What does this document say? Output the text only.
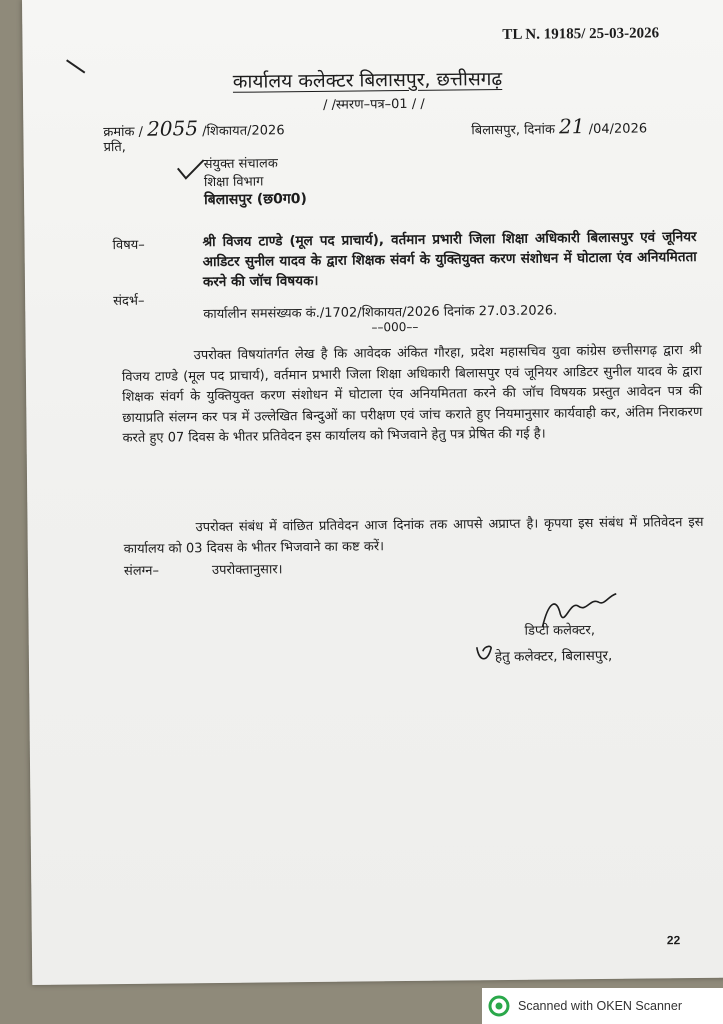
TL N. 19185/ 25-03-2026
कार्यालय कलेक्टर बिलासपुर, छत्तीसगढ़
/ /स्मरण–पत्र–01 / /
क्रमांक / 2055 /शिकायत/2026	बिलासपुर, दिनांक 21 /04/2026
प्रति,
संयुक्त संचालक
शिक्षा विभाग
बिलासपुर (छ0ग0)
विषय–	श्री विजय टाण्डे (मूल पद प्राचार्य), वर्तमान प्रभारी जिला शिक्षा अधिकारी बिलासपुर एवं जूनियर आडिटर सुनील यादव के द्वारा शिक्षक संवर्ग के युक्तियुक्त करण संशोधन में घोटाला एंव अनियमितता करने की जॉच विषयक।
संदर्भ–
कार्यालीन समसंख्यक कं./1702/शिकायत/2026 दिनांक 27.03.2026.
––000––
उपरोक्त विषयांतर्गत लेख है कि आवेदक अंकित गौरहा, प्रदेश महासचिव युवा कांग्रेस छत्तीसगढ़ द्वारा श्री विजय टाण्डे (मूल पद प्राचार्य), वर्तमान प्रभारी जिला शिक्षा अधिकारी बिलासपुर एवं जूनियर आडिटर सुनील यादव के द्वारा शिक्षक संवर्ग के युक्तियुक्त करण संशोधन में घोटाला एंव अनियमितता करने की जॉच विषयक प्रस्तुत आवेदन पत्र की छायाप्रति संलग्न कर पत्र में उल्लेखित बिन्दुओं का परीक्षण एवं जांच कराते हुए नियमानुसार कार्यवाही कर, अंतिम निराकरण करते हुए 07 दिवस के भीतर प्रतिवेदन इस कार्यालय को भिजवाने हेतु पत्र प्रेषित की गई है।
उपरोक्त संबंध में वांछित प्रतिवेदन आज दिनांक तक आपसे अप्राप्त है। कृपया इस संबंध में प्रतिवेदन इस कार्यालय को 03 दिवस के भीतर भिजवाने का कष्ट करें।
संलग्न–	उपरोक्तानुसार।
डिप्टी कलेक्टर,
हेतु कलेक्टर, बिलासपुर,
22
Scanned with OKEN Scanner
